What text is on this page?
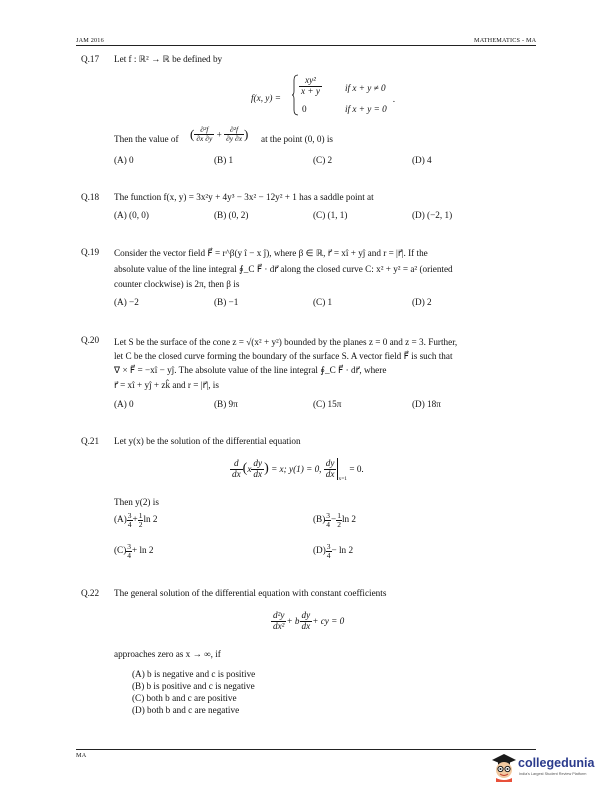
JAM 2016	MATHEMATICS - MA
Q.17 Let f : ℝ² → ℝ be defined by
f(x, y) =
$\frac{\text{xy²}}{x + y}$	if x + y ≠ 0
.
0	if x + y = 0
Then the value of ( $\frac{\text{∂²f}}{\partial x \partial y} + \frac{\text{∂²f}}{\partial y \partial x}$ ) at the point (0, 0) is
(A) 0	(B) 1	(C) 2	(D) 4
Q.18 The function f(x, y) = 3x²y + 4y³ − 3x² − 12y² + 1 has a saddle point at
(A) (0, 0)	(B) (0, 2)	(C) (1, 1)	(D) (−2, 1)
Q.19 Consider the vector field F⃗ = r^β(y î − x ĵ), where β ∈ ℝ, r⃗ = xî + yĵ and r = |r⃗|. If the
absolute value of the line integral ∮_C F⃗ · dr⃗ along the closed curve C: x² + y² = a² (oriented
counter clockwise) is 2π, then β is
(A) −2	(B) −1	(C) 1	(D) 2
Q.20 Let S be the surface of the cone z = √(x² + y²) bounded by the planes z = 0 and z = 3. Further,
let C be the closed curve forming the boundary of the surface S. A vector field F⃗ is such that
∇ × F⃗ = −xî − yĵ. The absolute value of the line integral ∮_C F⃗ · dr⃗, where
r⃗ = xî + yĵ + zk̂ and r = |r⃗|, is
(A) 0	(B) 9π	(C) 15π	(D) 18π
Q.21 Let y(x) be the solution of the differential equation
$\frac{d}{dx} (x \frac{dy}{dx}$ ) = x; y(1) = 0, $\frac{dy}{dx} _{x=1} = 0$.
Then y(2) is
$(A) \frac{3}{4} + \frac{1}{2}$ ln 2	$(B) \frac{3}{4} - \frac{1}{2}$ ln 2
$(C) \frac{3}{4} + \ln 2$	$(D) \frac{3}{4} - \ln 2$
Q.22 The general solution of the differential equation with constant coefficients
$\frac{\text{d²y}}{\text{dx²}} + b \frac{dy}{dx}$ + cy = 0
approaches zero as x → ∞, if
(A) b is negative and c is positive
(B) b is positive and c is negative
(C) both b and c are positive
(D) both b and c are negative
MA
collegedunia
India's Largest Student Review Platform
